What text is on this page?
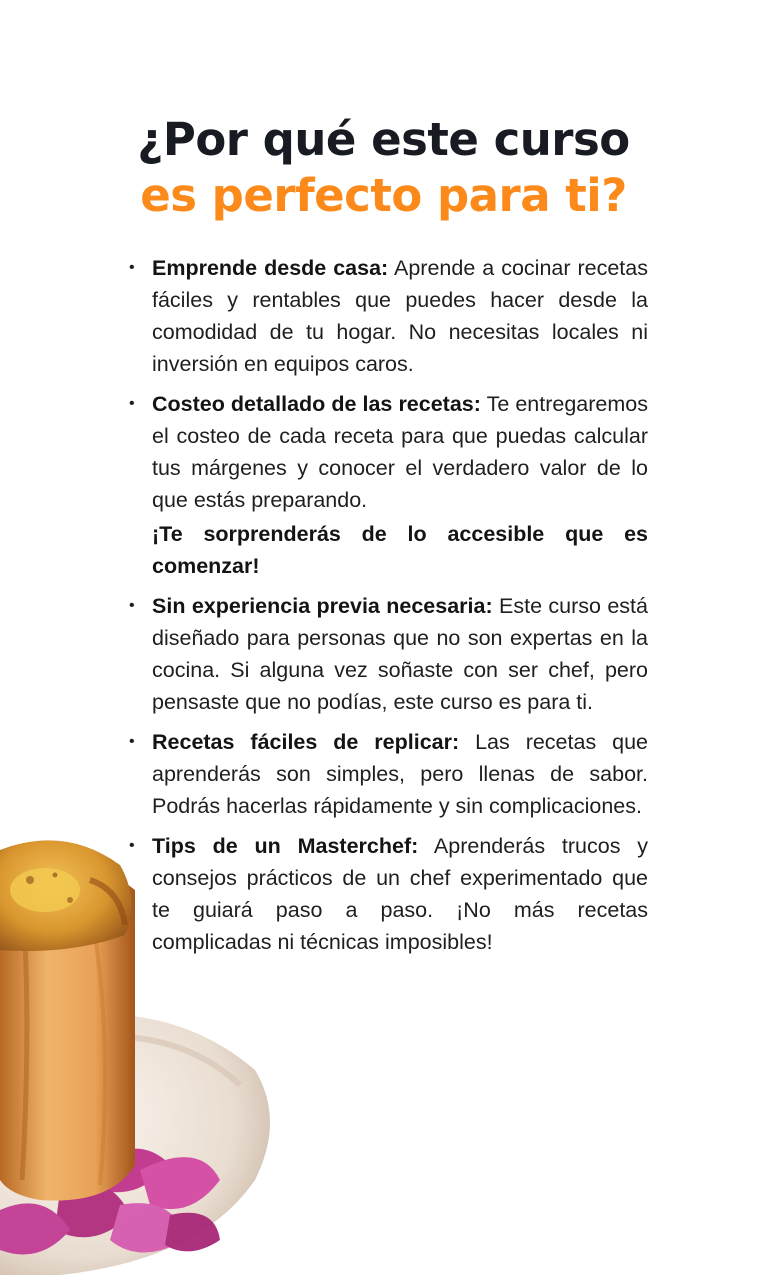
¿Por qué este curso
es perfecto para ti?
• Emprende desde casa: Aprende a cocinar recetas fáciles y rentables que puedes hacer desde la comodidad de tu hogar. No necesitas locales ni inversión en equipos caros.
• Costeo detallado de las recetas: Te entregaremos el costeo de cada receta para que puedas calcular tus márgenes y conocer el verdadero valor de lo que estás preparando.
¡Te sorprenderás de lo accesible que es comenzar!
• Sin experiencia previa necesaria: Este curso está diseñado para personas que no son expertas en la cocina. Si alguna vez soñaste con ser chef, pero pensaste que no podías, este curso es para ti.
• Recetas fáciles de replicar: Las recetas que aprenderás son simples, pero llenas de sabor. Podrás hacerlas rápidamente y sin complicaciones.
• Tips de un Masterchef: Aprenderás trucos y consejos prácticos de un chef experimentado que te guiará paso a paso. ¡No más recetas complicadas ni técnicas imposibles!
